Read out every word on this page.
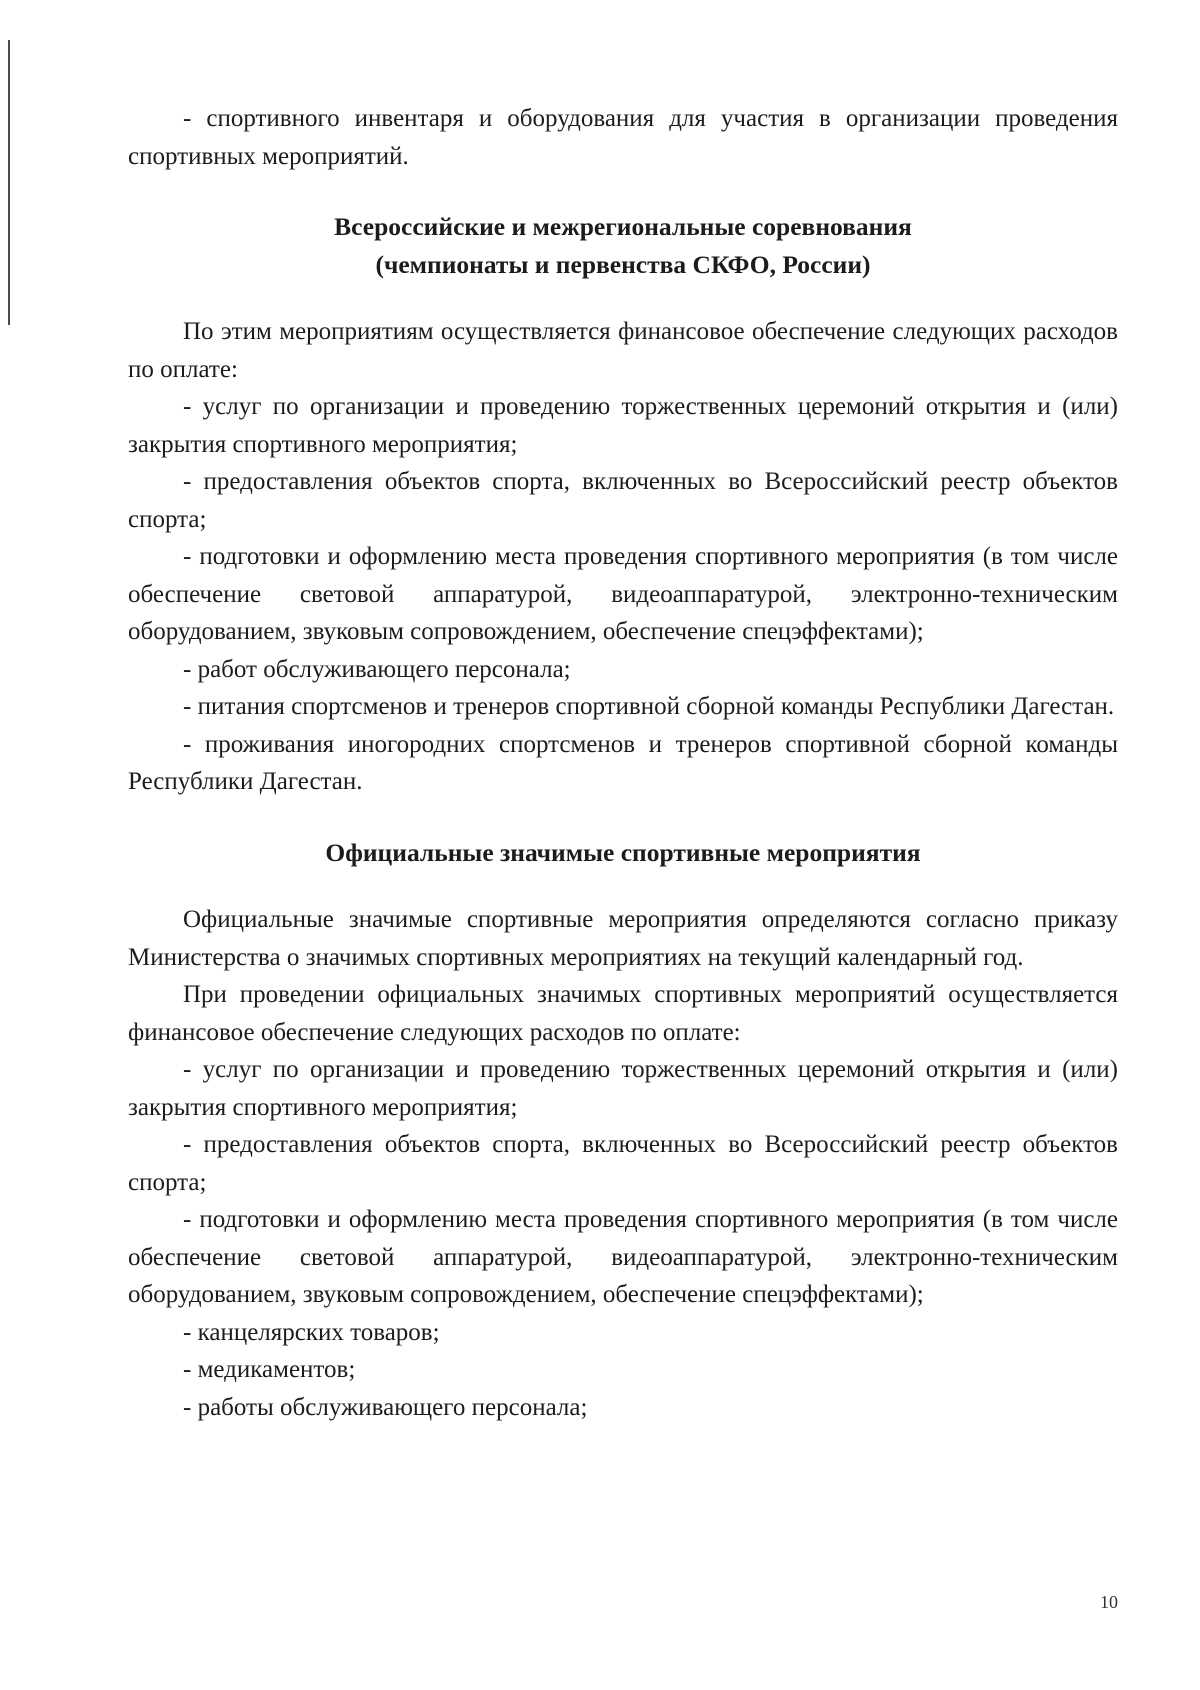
- спортивного инвентаря и оборудования для участия в организации проведения спортивных мероприятий.

Всероссийские и межрегиональные соревнования
(чемпионаты и первенства СКФО, России)

По этим мероприятиям осуществляется финансовое обеспечение следующих расходов по оплате:

- услуг по организации и проведению торжественных церемоний открытия и (или) закрытия спортивного мероприятия;

- предоставления объектов спорта, включенных во Всероссийский реестр объектов спорта;

- подготовки и оформлению места проведения спортивного мероприятия (в том числе обеспечение световой аппаратурой, видеоаппаратурой, электронно-техническим оборудованием, звуковым сопровождением, обеспечение спецэффектами);

- работ обслуживающего персонала;

- питания спортсменов и тренеров спортивной сборной команды Республики Дагестан.

- проживания иногородних спортсменов и тренеров спортивной сборной команды Республики Дагестан.

Официальные значимые спортивные мероприятия

Официальные значимые спортивные мероприятия определяются согласно приказу Министерства о значимых спортивных мероприятиях на текущий календарный год.

При проведении официальных значимых спортивных мероприятий осуществляется финансовое обеспечение следующих расходов по оплате:

- услуг по организации и проведению торжественных церемоний открытия и (или) закрытия спортивного мероприятия;

- предоставления объектов спорта, включенных во Всероссийский реестр объектов спорта;

- подготовки и оформлению места проведения спортивного мероприятия (в том числе обеспечение световой аппаратурой, видеоаппаратурой, электронно-техническим оборудованием, звуковым сопровождением, обеспечение спецэффектами);

- канцелярских товаров;

- медикаментов;

- работы обслуживающего персонала;

10
